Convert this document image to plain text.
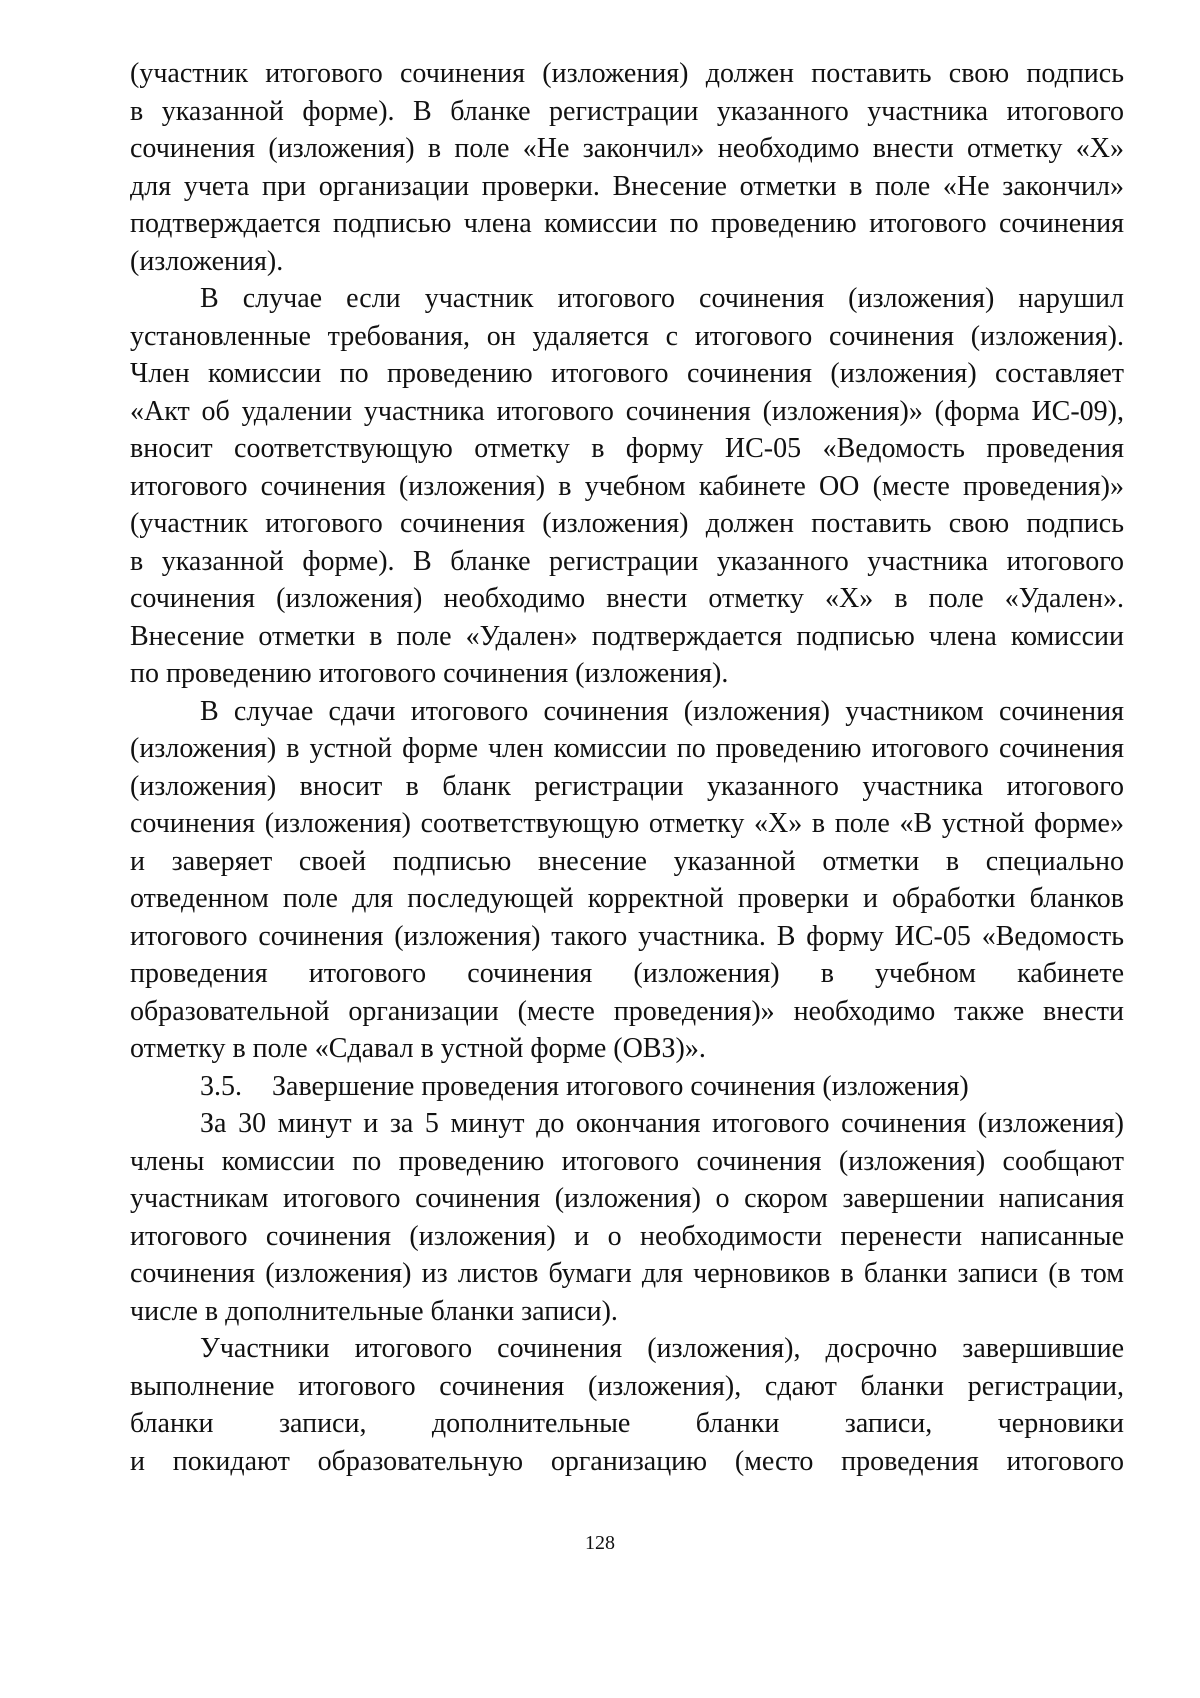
(участник итогового сочинения (изложения) должен поставить свою подпись
в указанной форме). В бланке регистрации указанного участника итогового
сочинения (изложения) в поле «Не закончил» необходимо внести отметку «Х»
для учета при организации проверки. Внесение отметки в поле «Не закончил»
подтверждается подписью члена комиссии по проведению итогового сочинения
(изложения).
В случае если участник итогового сочинения (изложения) нарушил
установленные требования, он удаляется с итогового сочинения (изложения).
Член комиссии по проведению итогового сочинения (изложения) составляет
«Акт об удалении участника итогового сочинения (изложения)» (форма ИС-09),
вносит соответствующую отметку в форму ИС-05 «Ведомость проведения
итогового сочинения (изложения) в учебном кабинете ОО (месте проведения)»
(участник итогового сочинения (изложения) должен поставить свою подпись
в указанной форме). В бланке регистрации указанного участника итогового
сочинения (изложения) необходимо внести отметку «Х» в поле «Удален».
Внесение отметки в поле «Удален» подтверждается подписью члена комиссии
по проведению итогового сочинения (изложения).
В случае сдачи итогового сочинения (изложения) участником сочинения
(изложения) в устной форме член комиссии по проведению итогового сочинения
(изложения) вносит в бланк регистрации указанного участника итогового
сочинения (изложения) соответствующую отметку «Х» в поле «В устной форме»
и заверяет своей подписью внесение указанной отметки в специально
отведенном поле для последующей корректной проверки и обработки бланков
итогового сочинения (изложения) такого участника. В форму ИС-05 «Ведомость
проведения итогового сочинения (изложения) в учебном кабинете
образовательной организации (месте проведения)» необходимо также внести
отметку в поле «Сдавал в устной форме (ОВЗ)».
3.5. Завершение проведения итогового сочинения (изложения)
За 30 минут и за 5 минут до окончания итогового сочинения (изложения)
члены комиссии по проведению итогового сочинения (изложения) сообщают
участникам итогового сочинения (изложения) о скором завершении написания
итогового сочинения (изложения) и о необходимости перенести написанные
сочинения (изложения) из листов бумаги для черновиков в бланки записи (в том
числе в дополнительные бланки записи).
Участники итогового сочинения (изложения), досрочно завершившие
выполнение итогового сочинения (изложения), сдают бланки регистрации,
бланки записи, дополнительные бланки записи, черновики
и покидают образовательную организацию (место проведения итогового
128
